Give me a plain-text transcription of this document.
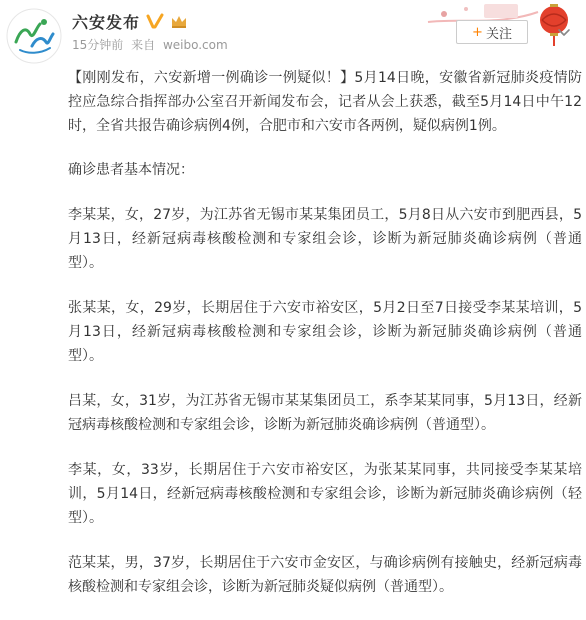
六安发布
15分钟前 来自 weibo.com
+ 关注

【刚刚发布，六安新增一例确诊一例疑似！】5月14日晚，安徽省新冠肺炎疫情防控应急综合指挥部办公室召开新闻发布会，记者从会上获悉，截至5月14日中午12时，全省共报告确诊病例4例，合肥市和六安市各两例，疑似病例1例。

确诊患者基本情况：

李某某，女，27岁，为江苏省无锡市某某集团员工，5月8日从六安市到肥西县，5月13日，经新冠病毒核酸检测和专家组会诊，诊断为新冠肺炎确诊病例（普通型）。

张某某，女，29岁，长期居住于六安市裕安区，5月2日至7日接受李某某培训，5月13日，经新冠病毒核酸检测和专家组会诊，诊断为新冠肺炎确诊病例（普通型）。

吕某，女，31岁，为江苏省无锡市某某集团员工，系李某某同事，5月13日，经新冠病毒核酸检测和专家组会诊，诊断为新冠肺炎确诊病例（普通型）。

李某，女，33岁，长期居住于六安市裕安区，为张某某同事，共同接受李某某培训，5月14日，经新冠病毒核酸检测和专家组会诊，诊断为新冠肺炎确诊病例（轻型）。

范某某，男，37岁，长期居住于六安市金安区，与确诊病例有接触史，经新冠病毒核酸检测和专家组会诊，诊断为新冠肺炎疑似病例（普通型）。
